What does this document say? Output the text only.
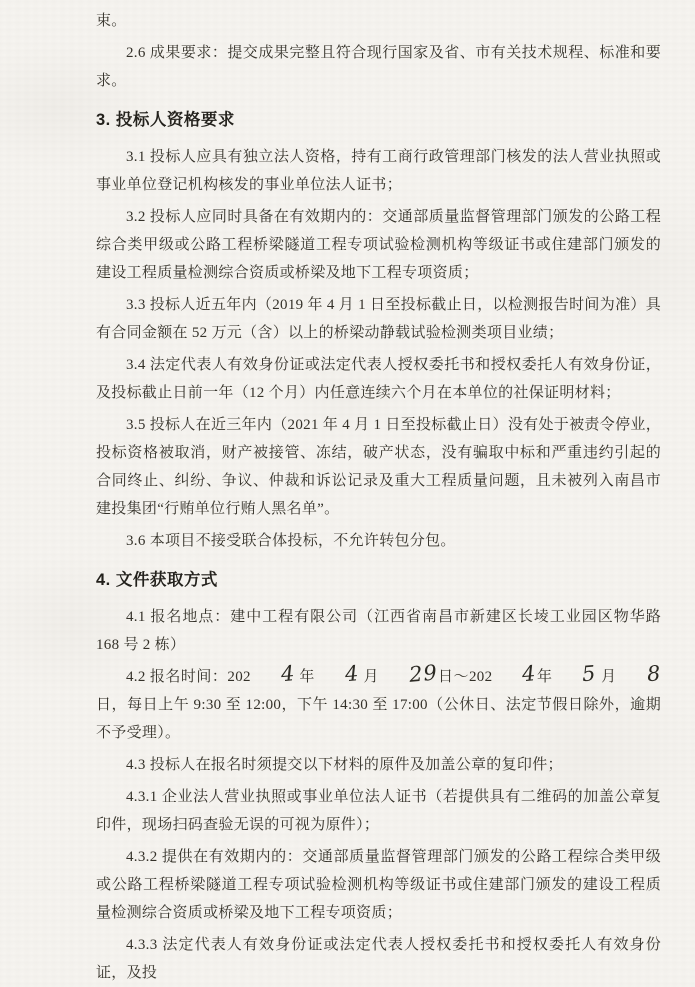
束。

2.6 成果要求：提交成果完整且符合现行国家及省、市有关技术规程、标准和要求。

3. 投标人资格要求

3.1 投标人应具有独立法人资格，持有工商行政管理部门核发的法人营业执照或事业单位登记机构核发的事业单位法人证书；

3.2 投标人应同时具备在有效期内的：交通部质量监督管理部门颁发的公路工程综合类甲级或公路工程桥梁隧道工程专项试验检测机构等级证书或住建部门颁发的建设工程质量检测综合资质或桥梁及地下工程专项资质；

3.3 投标人近五年内（2019 年 4 月 1 日至投标截止日，以检测报告时间为准）具有合同金额在 52 万元（含）以上的桥梁动静载试验检测类项目业绩；

3.4 法定代表人有效身份证或法定代表人授权委托书和授权委托人有效身份证，及投标截止日前一年（12 个月）内任意连续六个月在本单位的社保证明材料；

3.5 投标人在近三年内（2021 年 4 月 1 日至投标截止日）没有处于被责令停业，投标资格被取消，财产被接管、冻结，破产状态，没有骗取中标和严重违约引起的合同终止、纠纷、争议、仲裁和诉讼记录及重大工程质量问题，且未被列入南昌市建投集团“行贿单位行贿人黑名单”。

3.6 本项目不接受联合体投标，不允许转包分包。

4. 文件获取方式

4.1 报名地点：建中工程有限公司（江西省南昌市新建区长堎工业园区物华路 168 号 2 栋）

4.2 报名时间：202 4 年 4 月 29日～202 4年 5 月 8日，每日上午 9:30 至 12:00，下午 14:30 至 17:00（公休日、法定节假日除外，逾期不予受理）。

4.3 投标人在报名时须提交以下材料的原件及加盖公章的复印件；

4.3.1 企业法人营业执照或事业单位法人证书（若提供具有二维码的加盖公章复印件，现场扫码查验无误的可视为原件）；

4.3.2 提供在有效期内的：交通部质量监督管理部门颁发的公路工程综合类甲级或公路工程桥梁隧道工程专项试验检测机构等级证书或住建部门颁发的建设工程质量检测综合资质或桥梁及地下工程专项资质；

4.3.3 法定代表人有效身份证或法定代表人授权委托书和授权委托人有效身份证，及投
